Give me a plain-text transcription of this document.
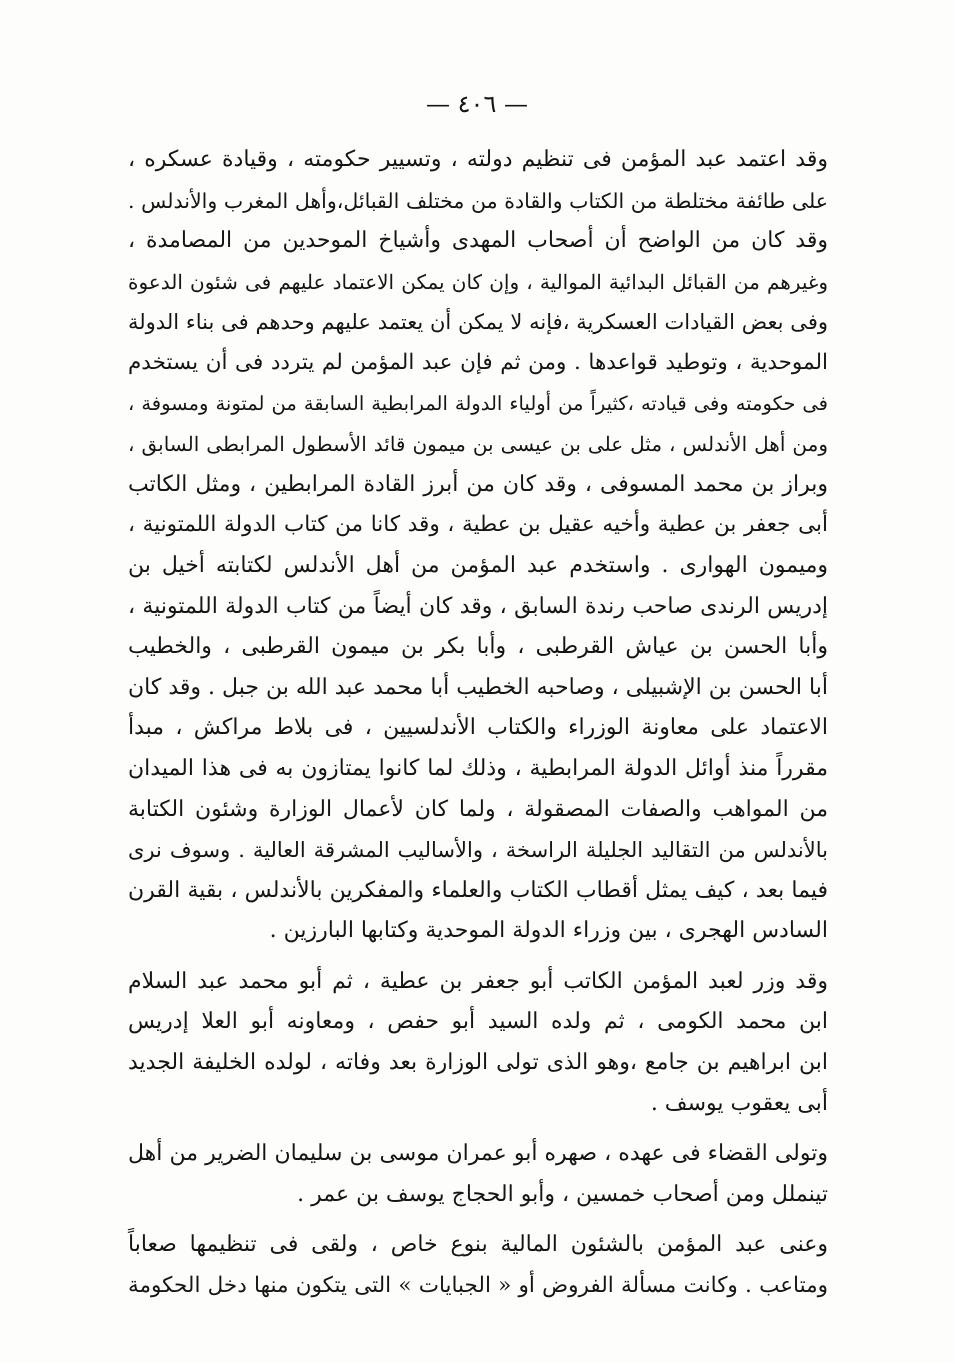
— ٤٠٦ —
وقد اعتمد عبد المؤمن فى تنظيم دولته ، وتسيير حكومته ، وقيادة عسكره ،
على طائفة مختلطة من الكتاب والقادة من مختلف القبائل،وأهل المغرب والأندلس .
وقد كان من الواضح أن أصحاب المهدى وأشياخ الموحدين من المصامدة ،
وغيرهم من القبائل البدائية الموالية ، وإن كان يمكن الاعتماد عليهم فى شئون الدعوة
وفى بعض القيادات العسكرية ،فإنه لا يمكن أن يعتمد عليهم وحدهم فى بناء الدولة
الموحدية ، وتوطيد قواعدها . ومن ثم فإن عبد المؤمن لم يتردد فى أن يستخدم
فى حكومته وفى قيادته ،كثيراً من أولياء الدولة المرابطية السابقة من لمتونة ومسوفة ،
ومن أهل الأندلس ، مثل على بن عيسى بن ميمون قائد الأسطول المرابطى السابق ،
وبراز بن محمد المسوفى ، وقد كان من أبرز القادة المرابطين ، ومثل الكاتب
أبى جعفر بن عطية وأخيه عقيل بن عطية ، وقد كانا من كتاب الدولة اللمتونية ،
وميمون الهوارى . واستخدم عبد المؤمن من أهل الأندلس لكتابته أخيل بن
إدريس الرندى صاحب رندة السابق ، وقد كان أيضاً من كتاب الدولة اللمتونية ،
وأبا الحسن بن عياش القرطبى ، وأبا بكر بن ميمون القرطبى ، والخطيب
أبا الحسن بن الإشبيلى ، وصاحبه الخطيب أبا محمد عبد الله بن جبل . وقد كان
الاعتماد على معاونة الوزراء والكتاب الأندلسيين ، فى بلاط مراكش ، مبدأ
مقرراً منذ أوائل الدولة المرابطية ، وذلك لما كانوا يمتازون به فى هذا الميدان
من المواهب والصفات المصقولة ، ولما كان لأعمال الوزارة وشئون الكتابة
بالأندلس من التقاليد الجليلة الراسخة ، والأساليب المشرقة العالية . وسوف نرى
فيما بعد ، كيف يمثل أقطاب الكتاب والعلماء والمفكرين بالأندلس ، بقية القرن
السادس الهجرى ، بين وزراء الدولة الموحدية وكتابها البارزين .
وقد وزر لعبد المؤمن الكاتب أبو جعفر بن عطية ، ثم أبو محمد عبد السلام
ابن محمد الكومى ، ثم ولده السيد أبو حفص ، ومعاونه أبو العلا إدريس
ابن ابراهيم بن جامع ،وهو الذى تولى الوزارة بعد وفاته ، لولده الخليفة الجديد
أبى يعقوب يوسف .
وتولى القضاء فى عهده ، صهره أبو عمران موسى بن سليمان الضرير من أهل
تينملل ومن أصحاب خمسين ، وأبو الحجاج يوسف بن عمر .
وعنى عبد المؤمن بالشئون المالية بنوع خاص ، ولقى فى تنظيمها صعاباً
ومتاعب . وكانت مسألة الفروض أو « الجبايات » التى يتكون منها دخل الحكومة
